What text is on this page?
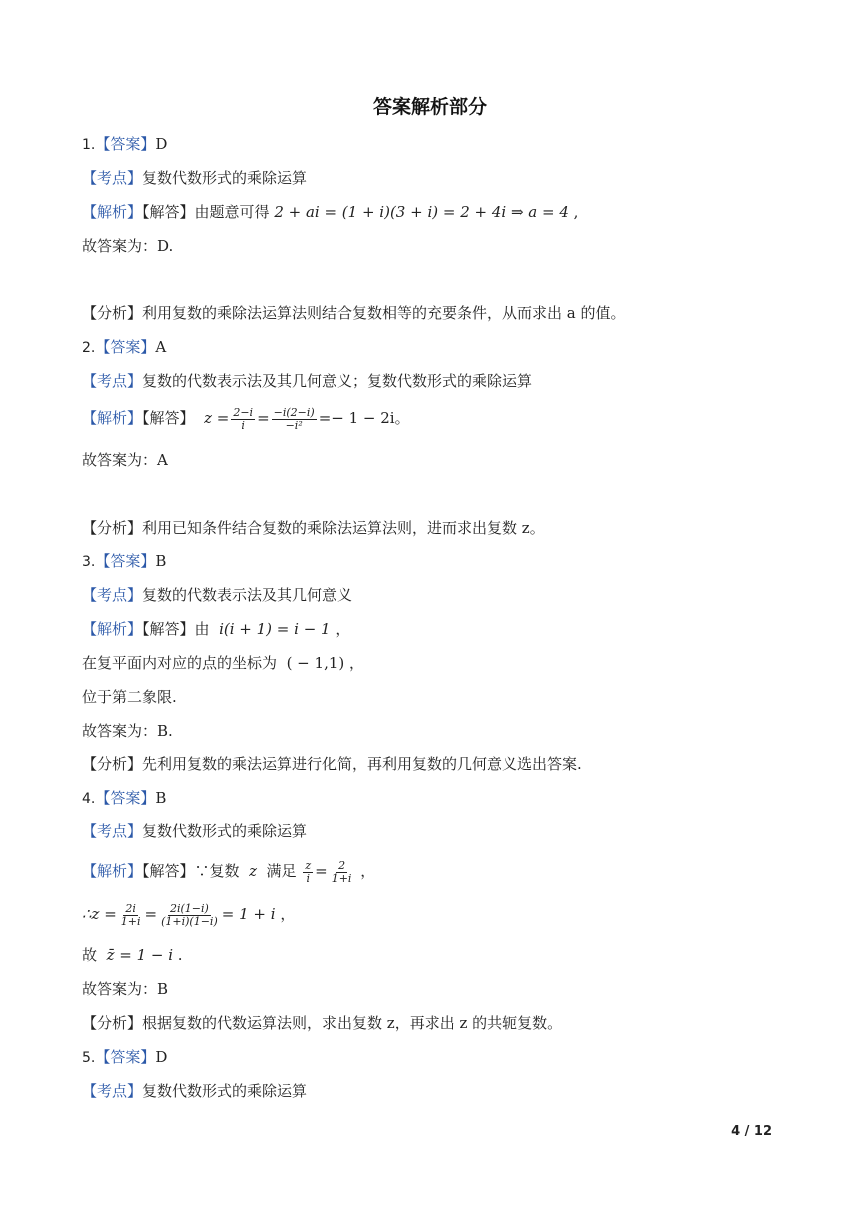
答案解析部分
1.【答案】D
【考点】复数代数形式的乘除运算
【解析】【解答】由题意可得 2 + ai = (1 + i)(3 + i) = 2 + 4i ⇒ a = 4 ,
故答案为：D.
【分析】利用复数的乘除法运算法则结合复数相等的充要条件，从而求出 a 的值。
2.【答案】A
【考点】复数的代数表示法及其几何意义；复数代数形式的乘除运算
【解析】【解答】 $z = \frac{2-i}{i} = \frac{-i(2-i)}{\text{−i²}} =- 1 - 2i$。
故答案为：A
【分析】利用已知条件结合复数的乘除法运算法则，进而求出复数 z。
3.【答案】B
【考点】复数的代数表示法及其几何意义
【解析】【解答】由 i(i + 1) = i − 1 ，
在复平面内对应的点的坐标为 ( − 1,1) ，
位于第二象限.
故答案为：B.
【分析】先利用复数的乘法运算进行化简，再利用复数的几何意义选出答案.
4.【答案】B
【考点】复数代数形式的乘除运算
【解析】【解答】∵复数 z 满足 $\frac{z}{i} = \frac{2}{1+i}$ ，
∴z = $\frac{2i}{1+i} = \frac{2i(1-i)}{(1+i)(1-i)} = 1 + i$ ，
故 z̄ = 1 − i .
故答案为：B
【分析】根据复数的代数运算法则，求出复数 z，再求出 z 的共轭复数。
5.【答案】D
【考点】复数代数形式的乘除运算
4 / 12
